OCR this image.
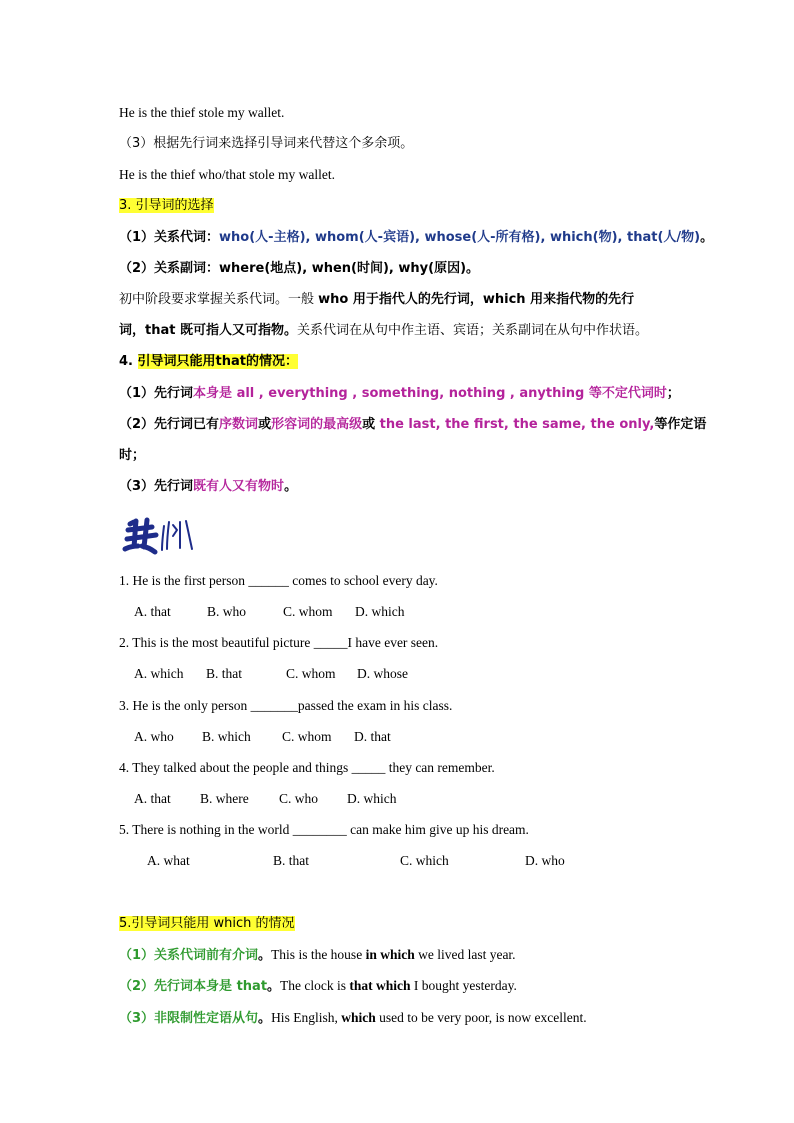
He is the thief stole my wallet.
（3）根据先行词来选择引导词来代替这个多余项。
He is the thief who/that stole my wallet.
3. 引导词的选择
（1）关系代词：who(人-主格), whom(人-宾语), whose(人-所有格), which(物), that(人/物)。
（2）关系副词：where(地点), when(时间), why(原因)。
初中阶段要求掌握关系代词。一般 who 用于指代人的先行词，which 用来指代物的先行
词，that 既可指人又可指物。关系代词在从句中作主语、宾语；关系副词在从句中作状语。
4. 引导词只能用that的情况：
（1）先行词本身是 all , everything , something, nothing , anything 等不定代词时；
（2）先行词已有序数词或形容词的最高级或 the last, the first, the same, the only,等作定语
时；
（3）先行词既有人又有物时。
1. He is the first person ______ comes to school every day.
A. that	B. who	C. whom D. which
2. This is the most beautiful picture _____I have ever seen.
A. which B. that	C. whom D. whose
3. He is the only person _______passed the exam in his class.
A. who B. which C. whom D. that
4. They talked about the people and things _____ they can remember.
A. that B. where C. who D. which
5. There is nothing in the world ________ can make him give up his dream.
A. what	B. that	C. which	D. who
5.引导词只能用 which 的情况
（1）关系代词前有介词。This is the house in which we lived last year.
（2）先行词本身是 that。The clock is that which I bought yesterday.
（3）非限制性定语从句。His English, which used to be very poor, is now excellent.
